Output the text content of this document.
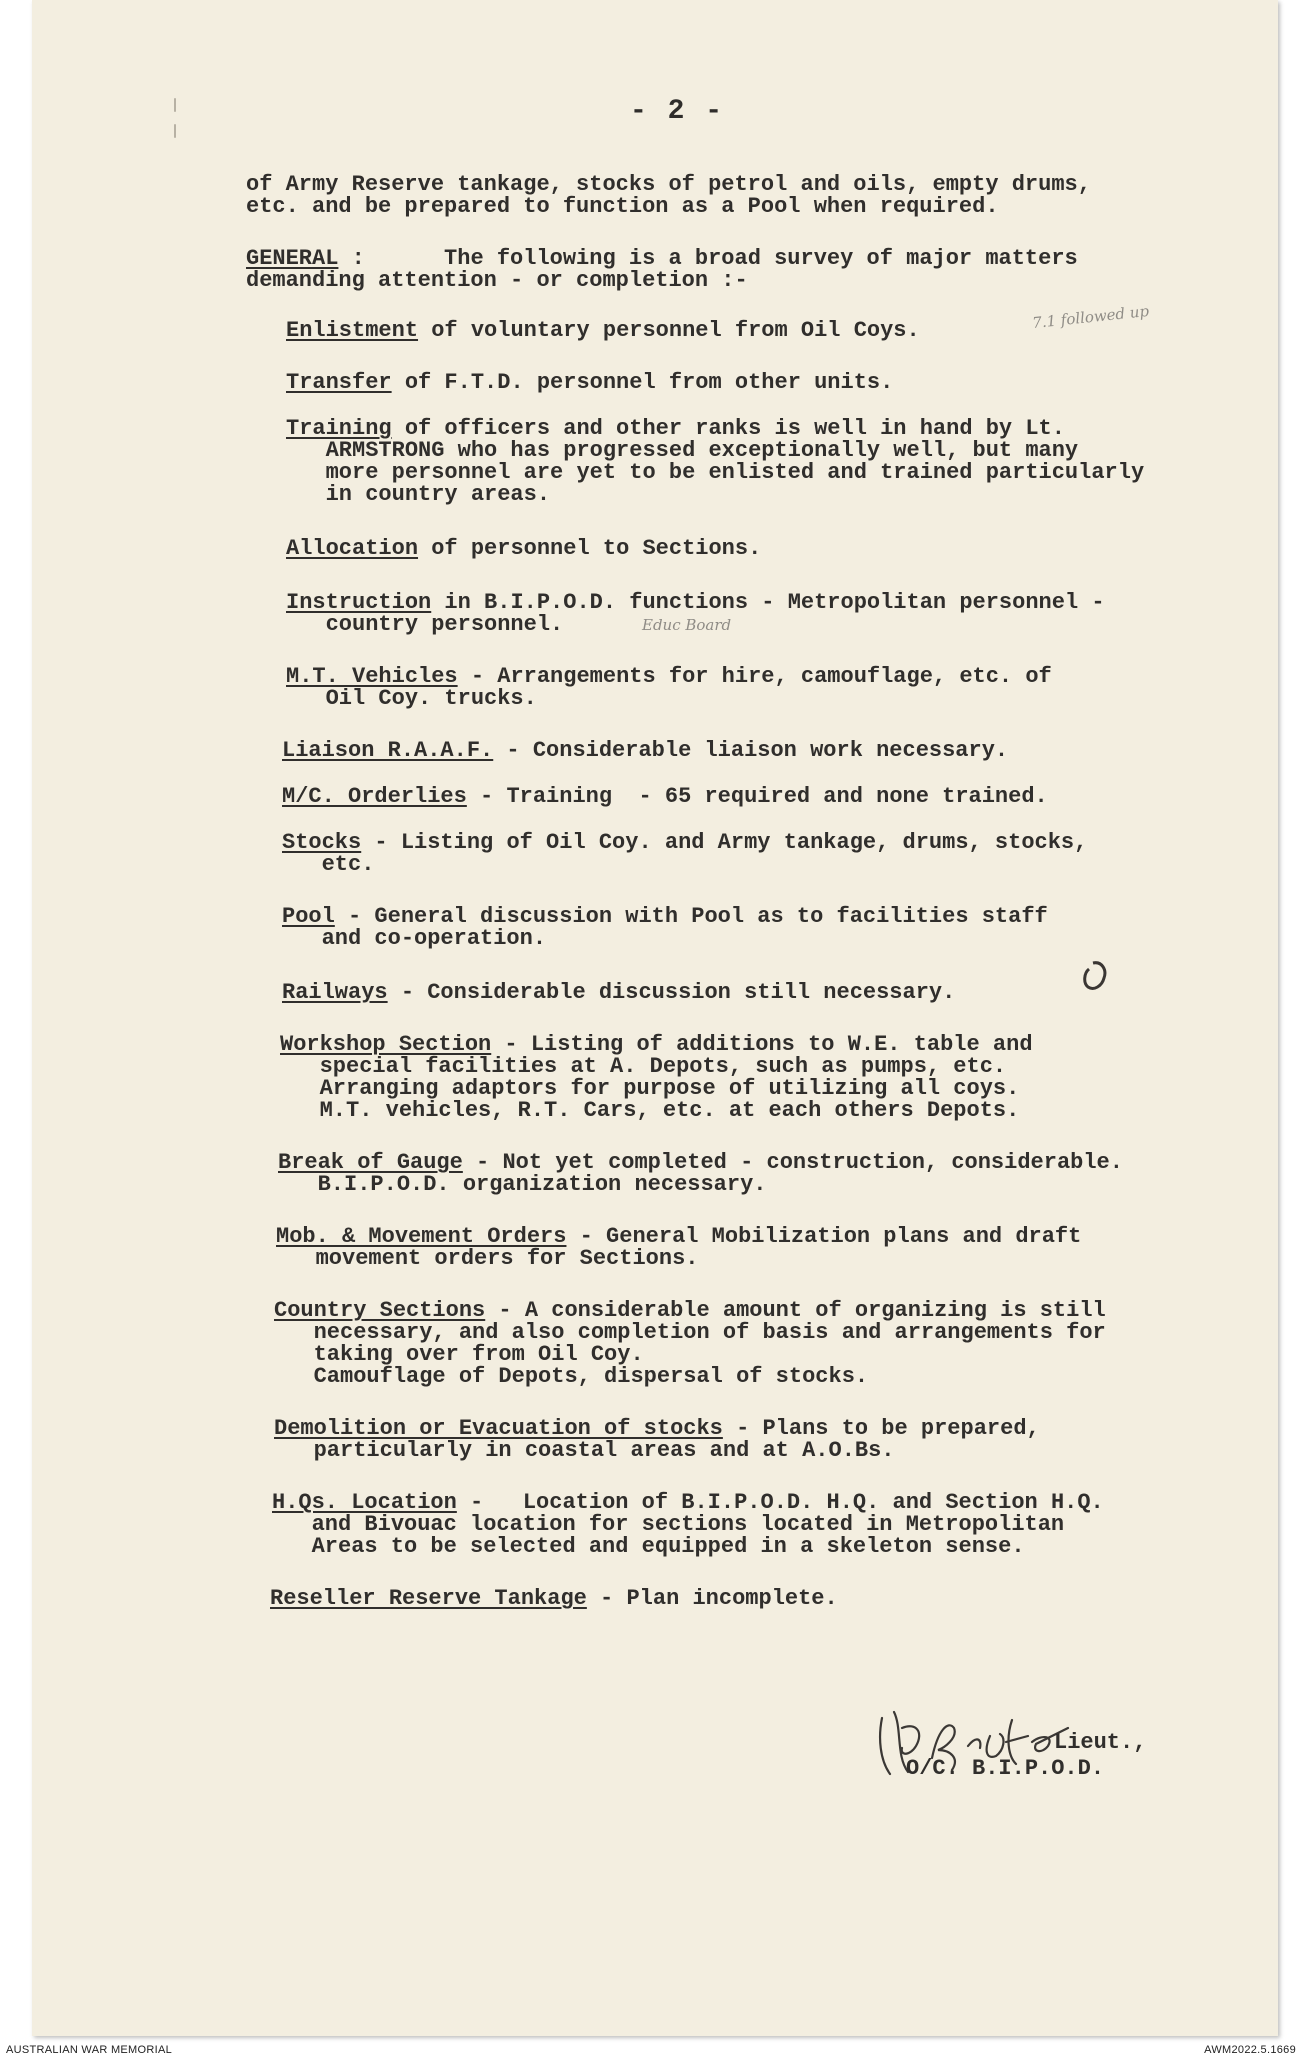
- 2 -
of Army Reserve tankage, stocks of petrol and oils, empty drums,
etc. and be prepared to function as a Pool when required.
GENERAL :      The following is a broad survey of major matters
demanding attention - or completion :-
Enlistment of voluntary personnel from Oil Coys.	7.1 followed up
Transfer of F.T.D. personnel from other units.
Training of officers and other ranks is well in hand by Lt.
ARMSTRONG who has progressed exceptionally well, but many
more personnel are yet to be enlisted and trained particularly
in country areas.
Allocation of personnel to Sections.
Instruction in B.I.P.O.D. functions - Metropolitan personnel -
country personnel.	Educ Board
M.T. Vehicles - Arrangements for hire, camouflage, etc. of
Oil Coy. trucks.
Liaison R.A.A.F. - Considerable liaison work necessary.
M/C. Orderlies - Training  - 65 required and none trained.
Stocks - Listing of Oil Coy. and Army tankage, drums, stocks,
etc.
Pool - General discussion with Pool as to facilities staff
and co-operation.
Railways - Considerable discussion still necessary.
Workshop Section - Listing of additions to W.E. table and
special facilities at A. Depots, such as pumps, etc.
Arranging adaptors for purpose of utilizing all coys.
M.T. vehicles, R.T. Cars, etc. at each others Depots.
Break of Gauge - Not yet completed - construction, considerable.
B.I.P.O.D. organization necessary.
Mob. & Movement Orders - General Mobilization plans and draft
movement orders for Sections.
Country Sections - A considerable amount of organizing is still
necessary, and also completion of basis and arrangements for
taking over from Oil Coy.
Camouflage of Depots, dispersal of stocks.
Demolition or Evacuation of stocks - Plans to be prepared,
particularly in coastal areas and at A.O.Bs.
H.Qs. Location -   Location of B.I.P.O.D. H.Q. and Section H.Q.
and Bivouac location for sections located in Metropolitan
Areas to be selected and equipped in a skeleton sense.
Reseller Reserve Tankage - Plan incomplete.
Lieut.,
O/C. B.I.P.O.D.
AUSTRALIAN WAR MEMORIAL	AWM2022.5.1669
